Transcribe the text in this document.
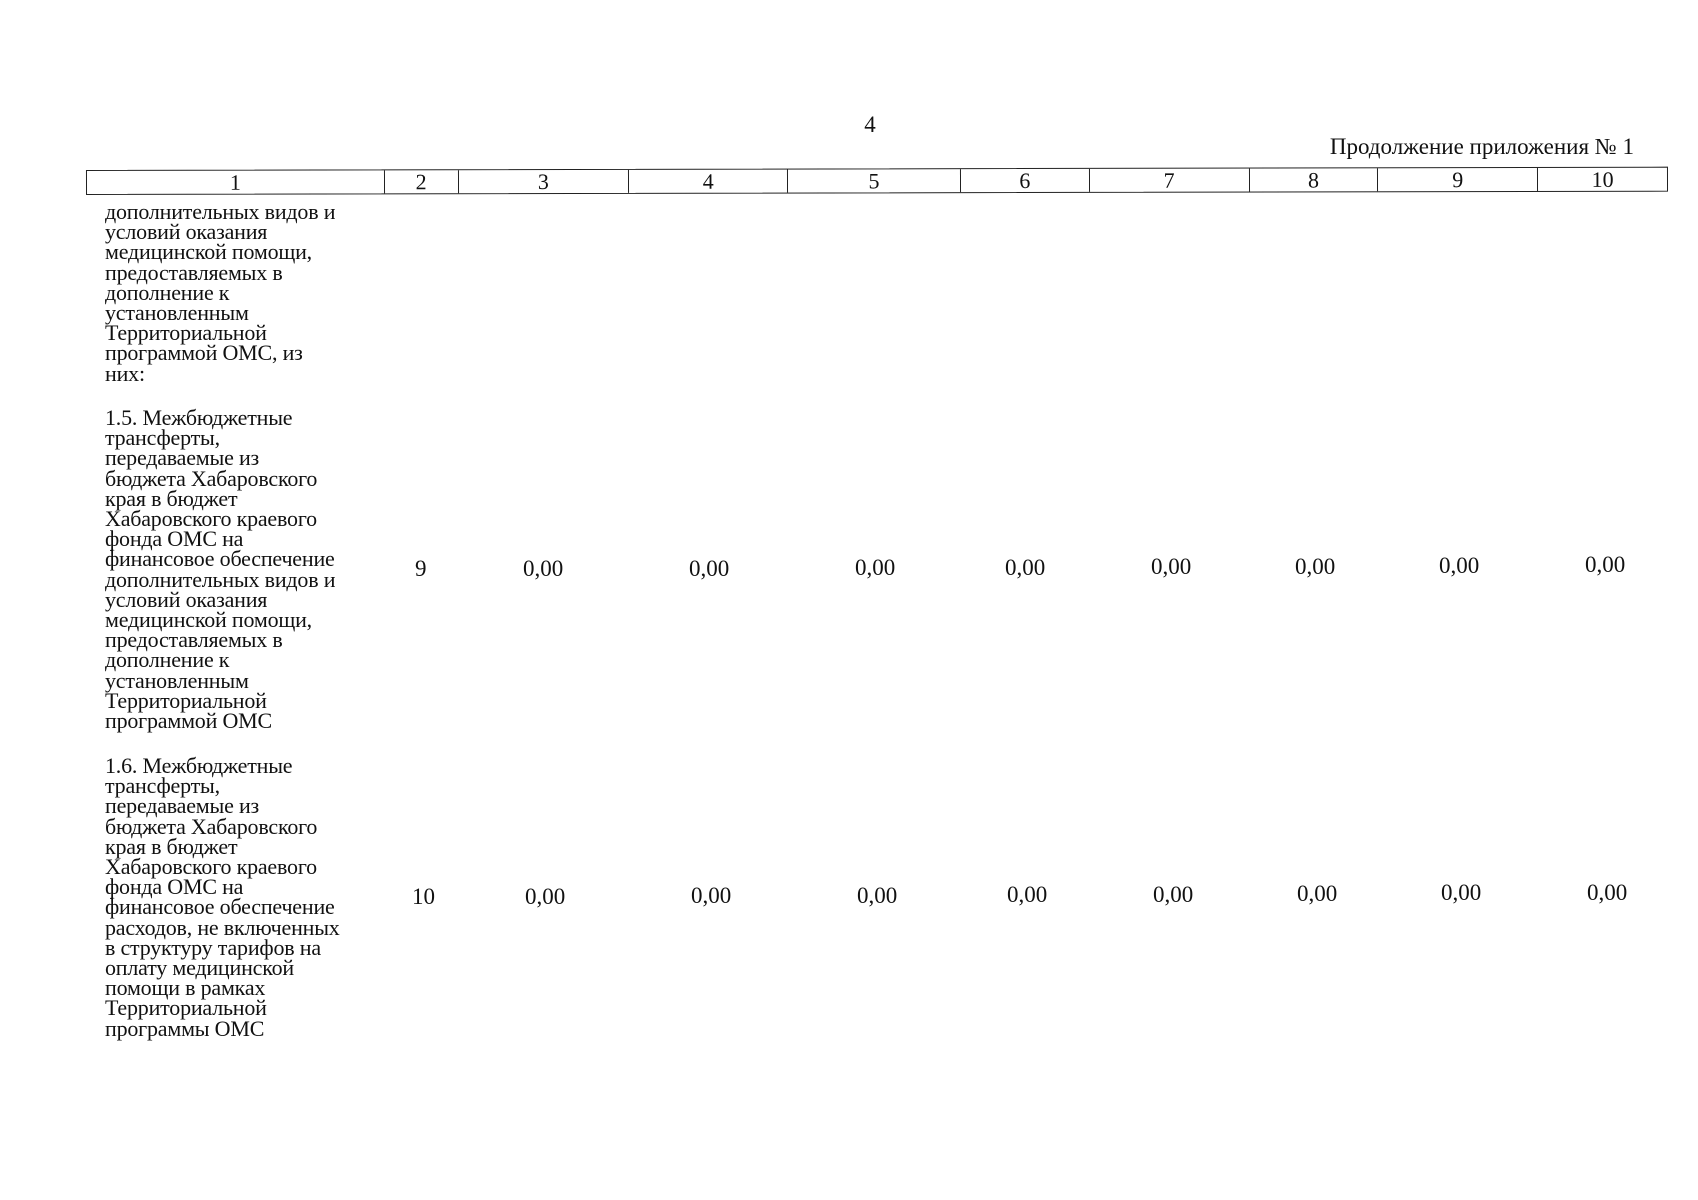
4
Продолжение приложения № 1
1	2	3	4	5	6	7	8	9	10
дополнительных видов и
условий оказания
медицинской помощи,
предоставляемых в
дополнение к
установленным
Территориальной
программой ОМС, из
них:
1.5. Межбюджетные
трансферты,
передаваемые из
бюджета Хабаровского
края в бюджет
Хабаровского краевого
фонда ОМС на
финансовое обеспечение
дополнительных видов и
условий оказания
медицинской помощи,
предоставляемых в
дополнение к
установленным
Территориальной
программой ОМС
9	0,00	0,00	0,00	0,00	0,00	0,00	0,00	0,00
1.6. Межбюджетные
трансферты,
передаваемые из
бюджета Хабаровского
края в бюджет
Хабаровского краевого
фонда ОМС на
финансовое обеспечение
расходов, не включенных
в структуру тарифов на
оплату медицинской
помощи в рамках
Территориальной
программы ОМС
10	0,00	0,00	0,00	0,00	0,00	0,00	0,00	0,00
